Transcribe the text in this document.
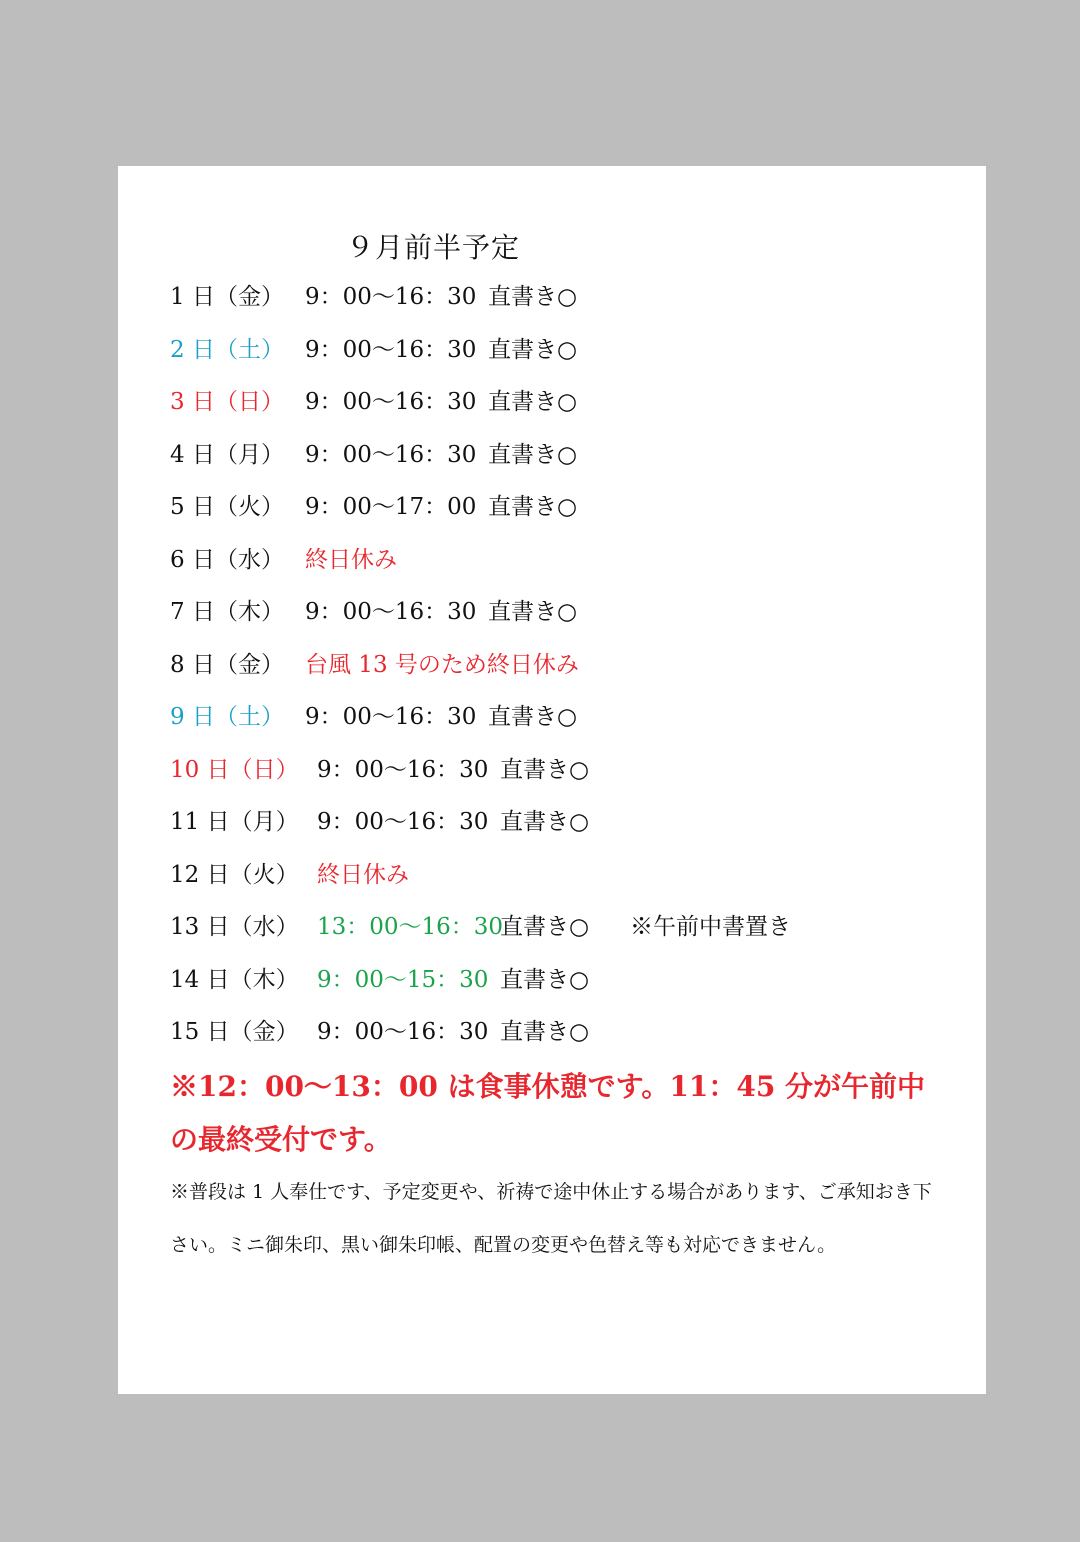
９月前半予定
1 日（金） 9：00～16：30 直書き○
2 日（土） 9：00～16：30 直書き○
3 日（日） 9：00～16：30 直書き○
4 日（月） 9：00～16：30 直書き○
5 日（火） 9：00～17：00 直書き○
6 日（水） 終日休み
7 日（木） 9：00～16：30 直書き○
8 日（金） 台風 13 号のため終日休み
9 日（土） 9：00～16：30 直書き○
10 日（日） 9：00～16：30 直書き○
11 日（月） 9：00～16：30 直書き○
12 日（火） 終日休み
13 日（水） 13：00～16：30
直書き○ ※午前中書置き
14 日（木） 9：00～15：30 直書き○
15 日（金） 9：00～16：30 直書き○
※12：00～13：00 は食事休憩です。11：45 分が午前中の最終受付です。
※普段は 1 人奉仕です、予定変更や、祈祷で途中休止する場合があります、ご承知おき下さい。ミニ御朱印、黒い御朱印帳、配置の変更や色替え等も対応できません。
